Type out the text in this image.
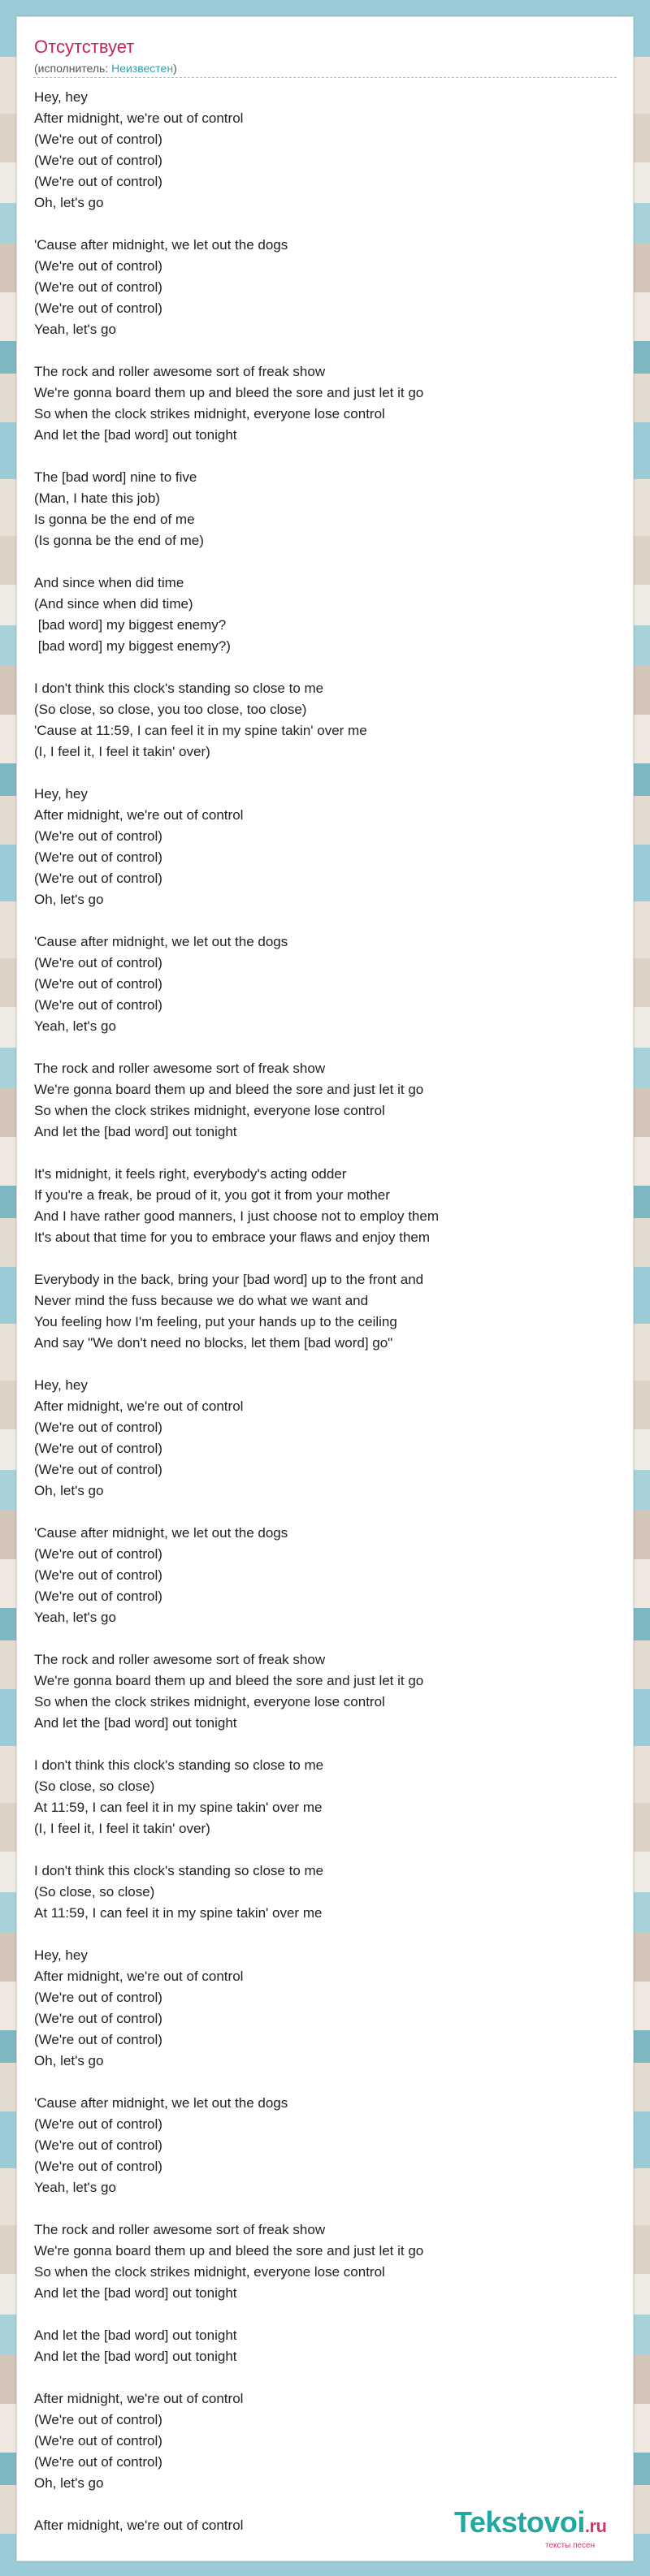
Отсутствует
(исполнитель: Неизвестен)
Hey, hey
After midnight, we're out of control
(We're out of control)
(We're out of control)
(We're out of control)
Oh, let's go
'Cause after midnight, we let out the dogs
(We're out of control)
(We're out of control)
(We're out of control)
Yeah, let's go
The rock and roller awesome sort of freak show
We're gonna board them up and bleed the sore and just let it go
So when the clock strikes midnight, everyone lose control
And let the [bad word] out tonight
The [bad word] nine to five
(Man, I hate this job)
Is gonna be the end of me
(Is gonna be the end of me)
And since when did time
(And since when did time)
[bad word] my biggest enemy?
[bad word] my biggest enemy?)
I don't think this clock's standing so close to me
(So close, so close, you too close, too close)
'Cause at 11:59, I can feel it in my spine takin' over me
(I, I feel it, I feel it takin' over)
Hey, hey
After midnight, we're out of control
(We're out of control)
(We're out of control)
(We're out of control)
Oh, let's go
'Cause after midnight, we let out the dogs
(We're out of control)
(We're out of control)
(We're out of control)
Yeah, let's go
The rock and roller awesome sort of freak show
We're gonna board them up and bleed the sore and just let it go
So when the clock strikes midnight, everyone lose control
And let the [bad word] out tonight
It's midnight, it feels right, everybody's acting odder
If you're a freak, be proud of it, you got it from your mother
And I have rather good manners, I just choose not to employ them
It's about that time for you to embrace your flaws and enjoy them
Everybody in the back, bring your [bad word] up to the front and
Never mind the fuss because we do what we want and
You feeling how I'm feeling, put your hands up to the ceiling
And say "We don't need no blocks, let them [bad word] go"
Hey, hey
After midnight, we're out of control
(We're out of control)
(We're out of control)
(We're out of control)
Oh, let's go
'Cause after midnight, we let out the dogs
(We're out of control)
(We're out of control)
(We're out of control)
Yeah, let's go
The rock and roller awesome sort of freak show
We're gonna board them up and bleed the sore and just let it go
So when the clock strikes midnight, everyone lose control
And let the [bad word] out tonight
I don't think this clock's standing so close to me
(So close, so close)
At 11:59, I can feel it in my spine takin' over me
(I, I feel it, I feel it takin' over)
I don't think this clock's standing so close to me
(So close, so close)
At 11:59, I can feel it in my spine takin' over me
Hey, hey
After midnight, we're out of control
(We're out of control)
(We're out of control)
(We're out of control)
Oh, let's go
'Cause after midnight, we let out the dogs
(We're out of control)
(We're out of control)
(We're out of control)
Yeah, let's go
The rock and roller awesome sort of freak show
We're gonna board them up and bleed the sore and just let it go
So when the clock strikes midnight, everyone lose control
And let the [bad word] out tonight
And let the [bad word] out tonight
And let the [bad word] out tonight
After midnight, we're out of control
(We're out of control)
(We're out of control)
(We're out of control)
Oh, let's go
After midnight, we're out of control	Tekstovoi.ru
тексты песен
